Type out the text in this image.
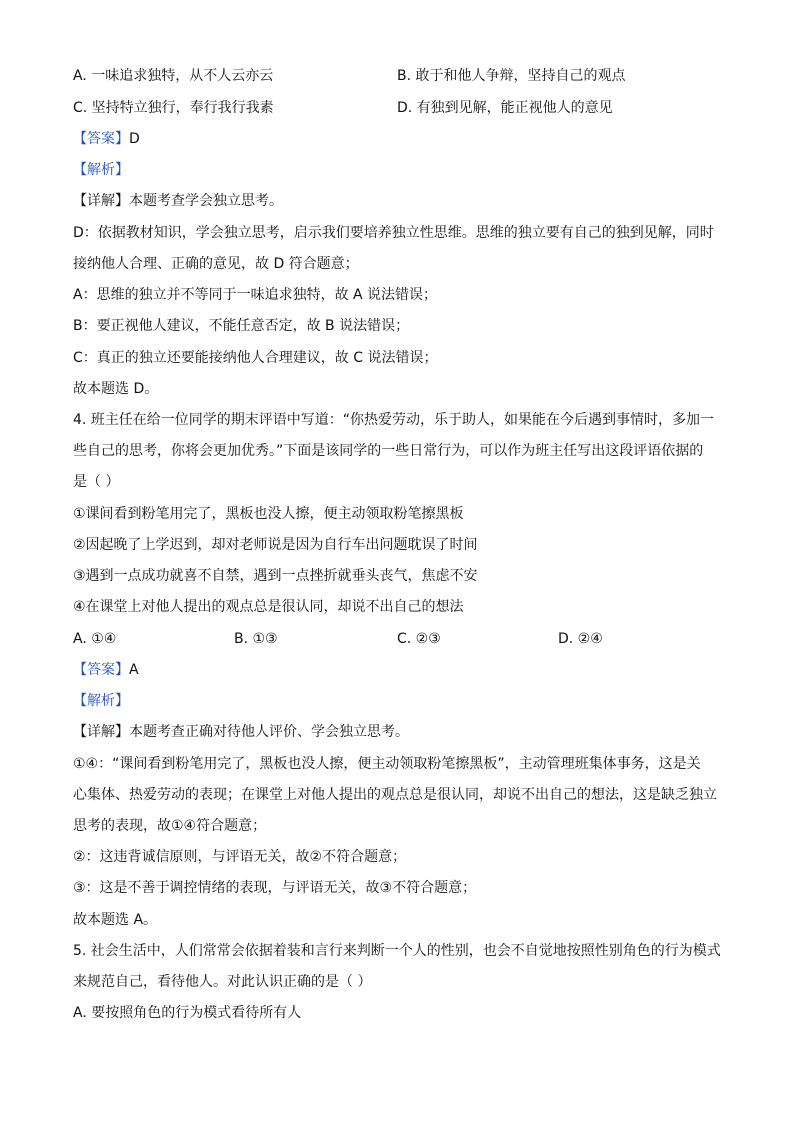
A. 一味追求独特，从不人云亦云	B. 敢于和他人争辩，坚持自己的观点
C. 坚持特立独行，奉行我行我素	D. 有独到见解，能正视他人的意见
【答案】D
【解析】
【详解】本题考查学会独立思考。
D：依据教材知识，学会独立思考，启示我们要培养独立性思维。思维的独立要有自己的独到见解，同时
接纳他人合理、正确的意见，故 D 符合题意；
A：思维的独立并不等同于一味追求独特，故 A 说法错误；
B：要正视他人建议，不能任意否定，故 B 说法错误；
C：真正的独立还要能接纳他人合理建议，故 C 说法错误；
故本题选 D。
4. 班主任在给一位同学的期末评语中写道：“你热爱劳动，乐于助人，如果能在今后遇到事情时，多加一
些自己的思考，你将会更加优秀。”下面是该同学的一些日常行为，可以作为班主任写出这段评语依据的
是（ ）
①课间看到粉笔用完了，黑板也没人擦，便主动领取粉笔擦黑板
②因起晚了上学迟到，却对老师说是因为自行车出问题耽误了时间
③遇到一点成功就喜不自禁，遇到一点挫折就垂头丧气，焦虑不安
④在课堂上对他人提出的观点总是很认同，却说不出自己的想法
A. ①④	B. ①③	C. ②③	D. ②④
【答案】A
【解析】
【详解】本题考查正确对待他人评价、学会独立思考。
①④：“课间看到粉笔用完了，黑板也没人擦，便主动领取粉笔擦黑板”，主动管理班集体事务，这是关
心集体、热爱劳动的表现；在课堂上对他人提出的观点总是很认同，却说不出自己的想法，这是缺乏独立
思考的表现，故①④符合题意；
②：这违背诚信原则，与评语无关，故②不符合题意；
③：这是不善于调控情绪的表现，与评语无关，故③不符合题意；
故本题选 A。
5. 社会生活中，人们常常会依据着装和言行来判断一个人的性别，也会不自觉地按照性别角色的行为模式
来规范自己，看待他人。对此认识正确的是（ ）
A. 要按照角色的行为模式看待所有人
